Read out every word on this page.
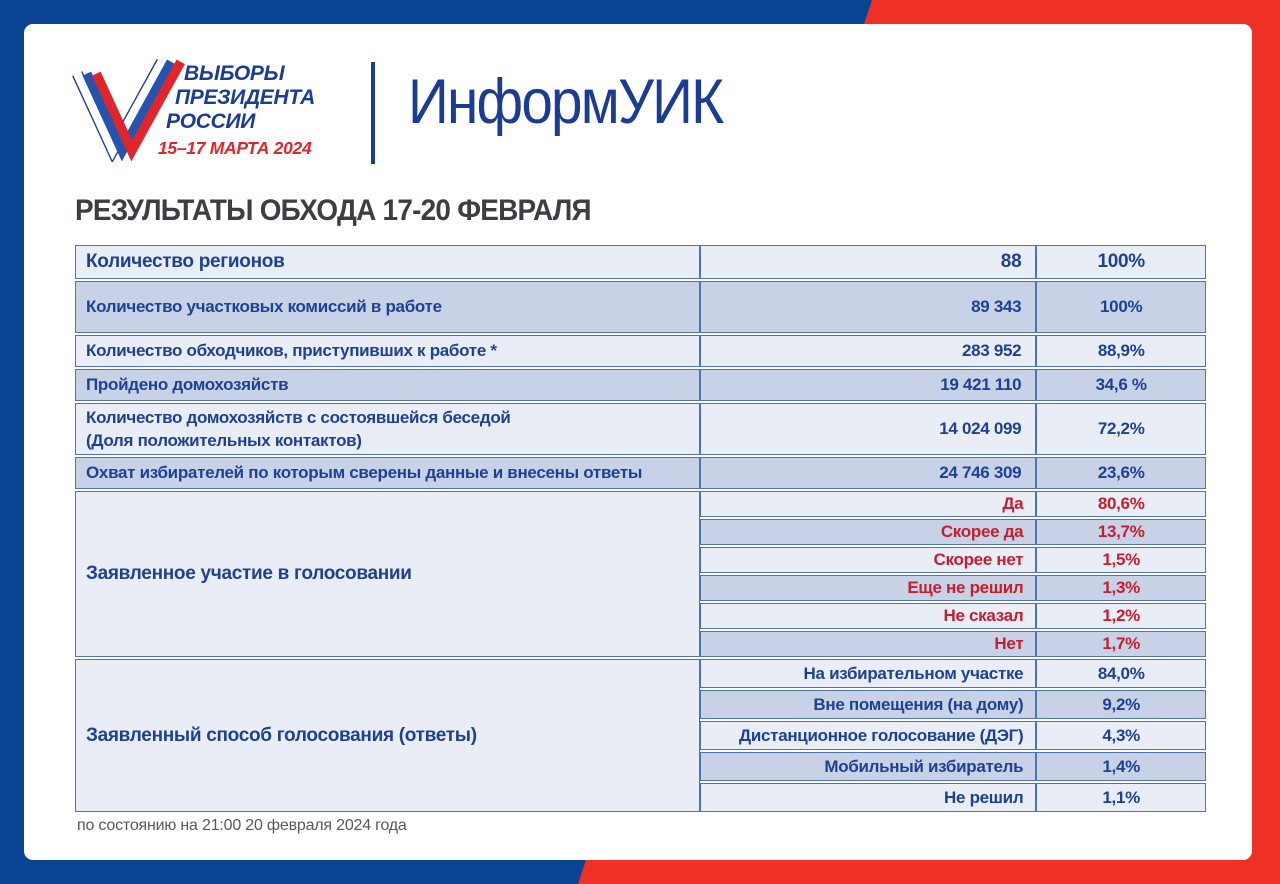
ВЫБОРЫ
ПРЕЗИДЕНТА
РОССИИ
15–17 МАРТА 2024
ИнформУИК
РЕЗУЛЬТАТЫ ОБХОДА 17-20 ФЕВРАЛЯ
Количество регионов	88	100%
Количество участковых комиссий в работе	89 343	100%
Количество обходчиков, приступивших к работе *	283 952	88,9%
Пройдено домохозяйств	19 421 110	34,6 %

Количество домохозяйств с состоявшейся беседой
(Доля положительных контактов)	14 024 099	72,2%
Охват избирателей по которым сверены данные и внесены ответы	24 746 309	23,6%
Заявленное участие в голосовании	Да	80,6%
	Скорее да	13,7%
	Скорее нет	1,5%
	Еще не решил	1,3%
	Не сказал	1,2%
	Нет	1,7%
Заявленный способ голосования (ответы)	На избирательном участке	84,0%
	Вне помещения (на дому)	9,2%
	Дистанционное голосование (ДЭГ)	4,3%
	Мобильный избиратель	1,4%
	Не решил	1,1%
по состоянию на 21:00 20 февраля 2024 года
